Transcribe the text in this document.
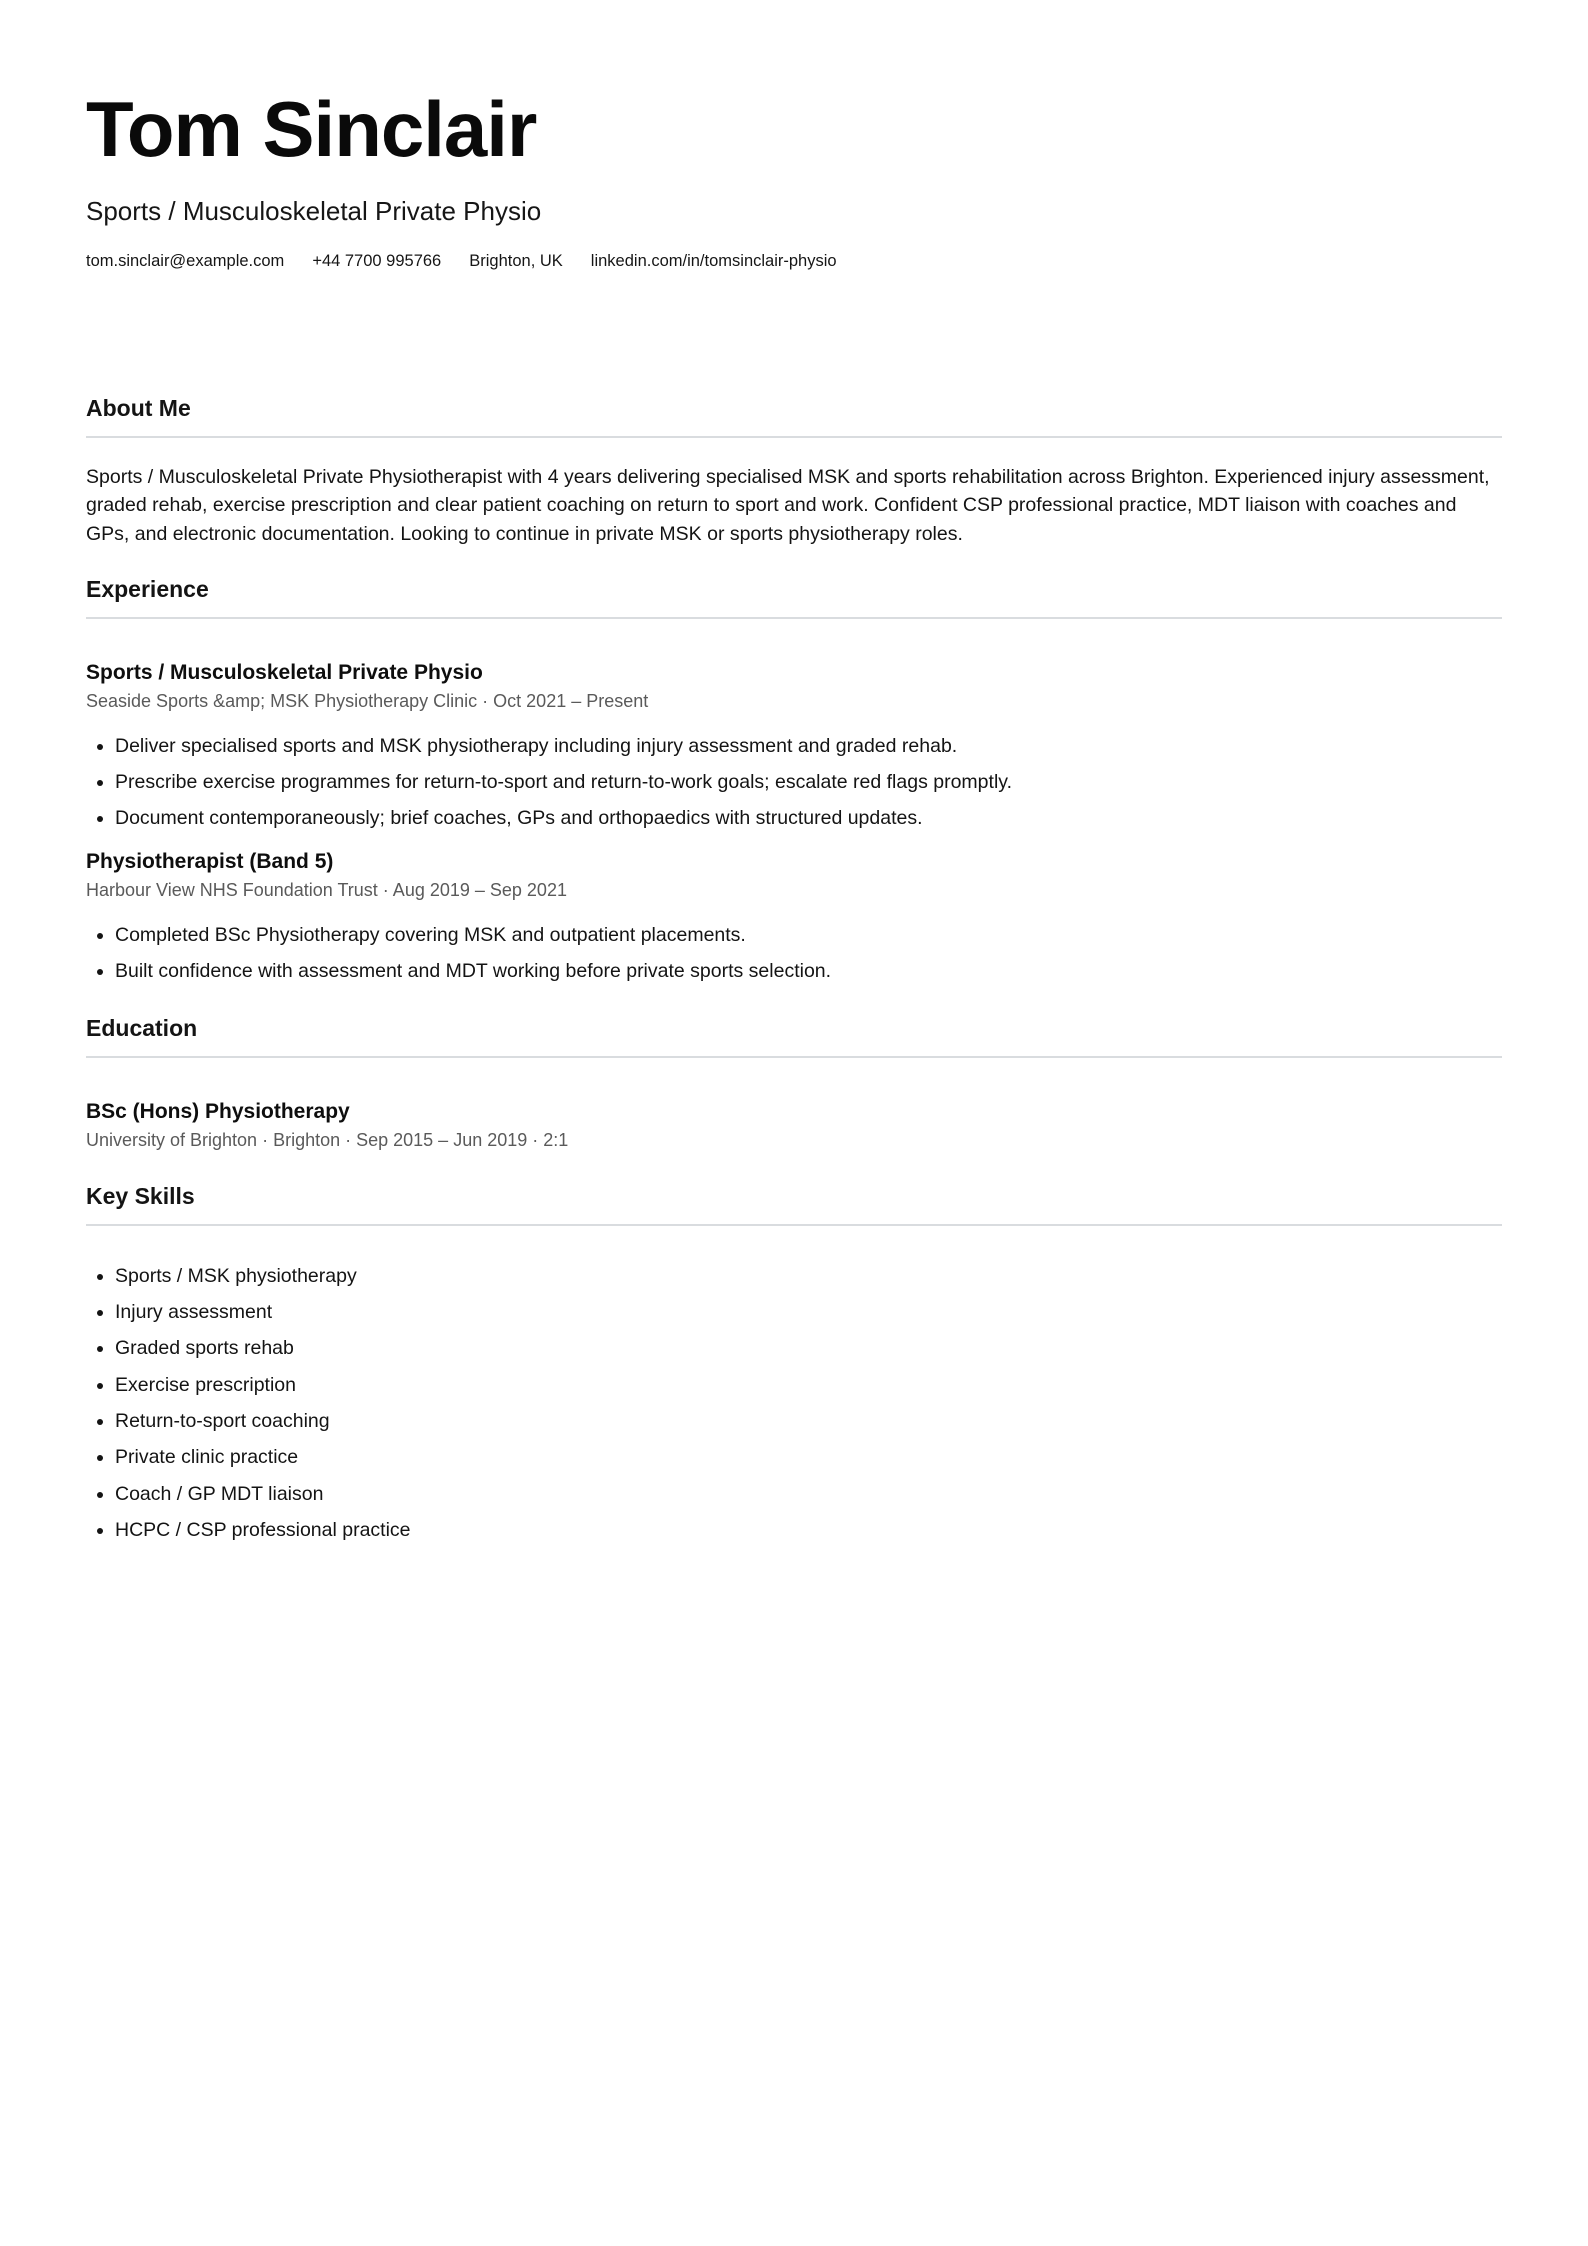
Tom Sinclair
Sports / Musculoskeletal Private Physio
tom.sinclair@example.com +44 7700 995766 Brighton, UK linkedin.com/in/tomsinclair-physio
About Me
Sports / Musculoskeletal Private Physiotherapist with 4 years delivering specialised MSK and sports rehabilitation across Brighton. Experienced injury assessment, graded rehab, exercise prescription and clear patient coaching on return to sport and work. Confident CSP professional practice, MDT liaison with coaches and GPs, and electronic documentation. Looking to continue in private MSK or sports physiotherapy roles.
Experience
Sports / Musculoskeletal Private Physio
Seaside Sports &amp; MSK Physiotherapy Clinic · Oct 2021 – Present
• Deliver specialised sports and MSK physiotherapy including injury assessment and graded rehab.
• Prescribe exercise programmes for return-to-sport and return-to-work goals; escalate red flags promptly.
• Document contemporaneously; brief coaches, GPs and orthopaedics with structured updates.
Physiotherapist (Band 5)
Harbour View NHS Foundation Trust · Aug 2019 – Sep 2021
• Completed BSc Physiotherapy covering MSK and outpatient placements.
• Built confidence with assessment and MDT working before private sports selection.
Education
BSc (Hons) Physiotherapy
University of Brighton · Brighton · Sep 2015 – Jun 2019 · 2:1
Key Skills
• Sports / MSK physiotherapy
• Injury assessment
• Graded sports rehab
• Exercise prescription
• Return-to-sport coaching
• Private clinic practice
• Coach / GP MDT liaison
• HCPC / CSP professional practice
